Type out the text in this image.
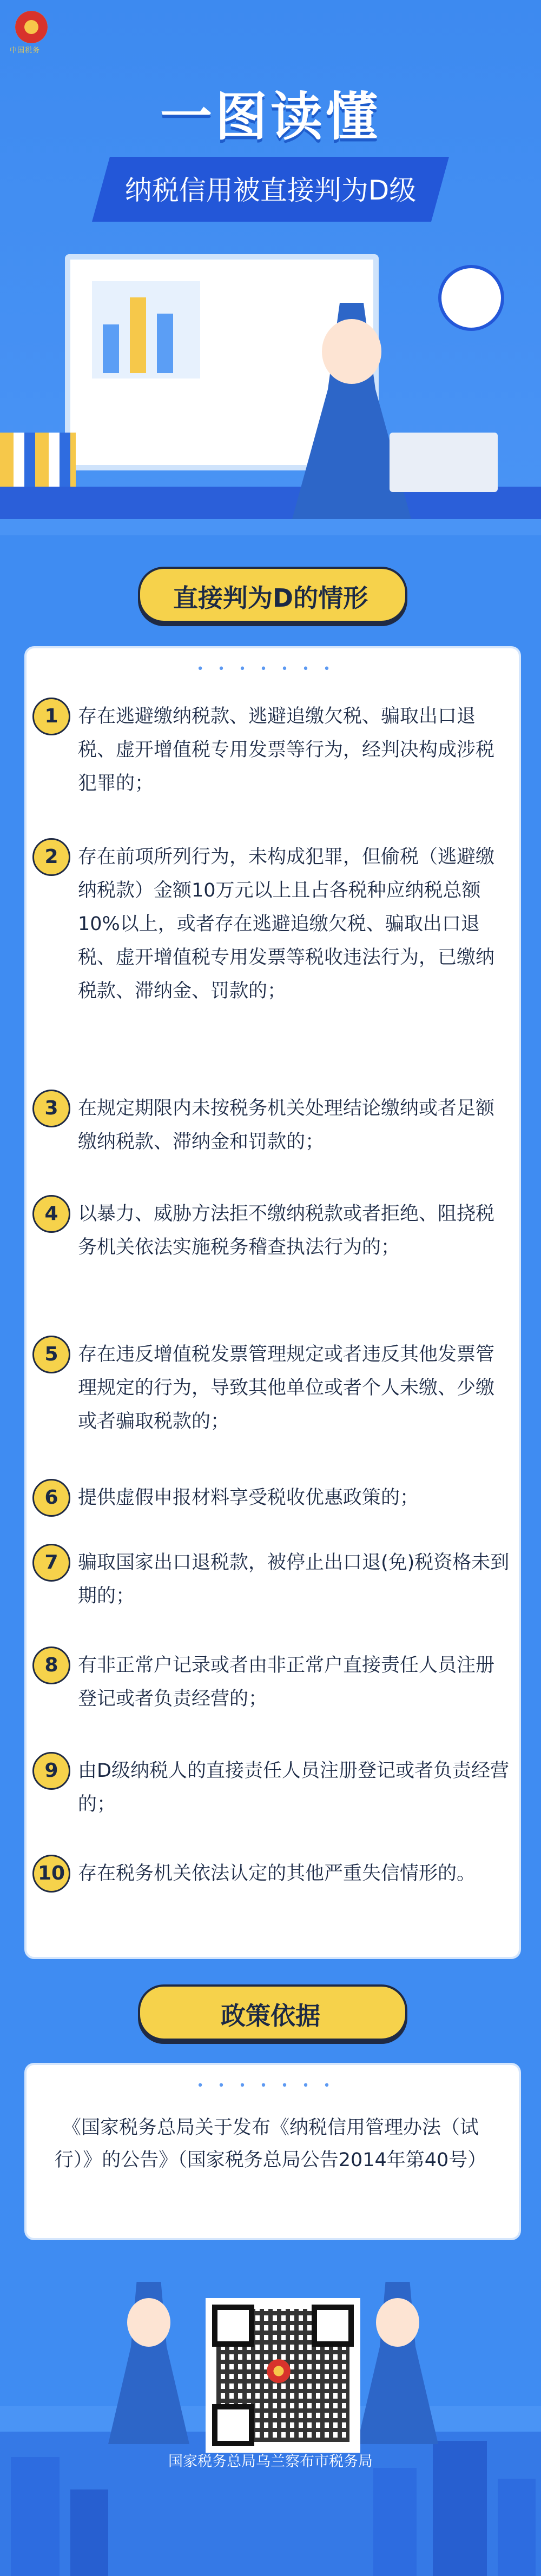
中国税务
一图读懂
纳税信用被直接判为D级
直接判为D的情形
•••••••
1	存在逃避缴纳税款、逃避追缴欠税、骗取出口退税、虚开增值税专用发票等行为，经判决构成涉税犯罪的；
2	存在前项所列行为，未构成犯罪，但偷税（逃避缴纳税款）金额10万元以上且占各税种应纳税总额10%以上，或者存在逃避追缴欠税、骗取出口退税、虚开增值税专用发票等税收违法行为，已缴纳税款、滞纳金、罚款的；
3	在规定期限内未按税务机关处理结论缴纳或者足额缴纳税款、滞纳金和罚款的；
4	以暴力、威胁方法拒不缴纳税款或者拒绝、阻挠税务机关依法实施税务稽查执法行为的；
5	存在违反增值税发票管理规定或者违反其他发票管理规定的行为，导致其他单位或者个人未缴、少缴或者骗取税款的；
6	提供虚假申报材料享受税收优惠政策的；
7	骗取国家出口退税款，被停止出口退(免)税资格未到期的；
8	有非正常户记录或者由非正常户直接责任人员注册登记或者负责经营的；
9	由D级纳税人的直接责任人员注册登记或者负责经营的；
10 存在税务机关依法认定的其他严重失信情形的。
政策依据
•••••••
《国家税务总局关于发布《纳税信用管理办法（试行）》的公告》（国家税务总局公告2014年第40号）
国家税务总局乌兰察布市税务局
